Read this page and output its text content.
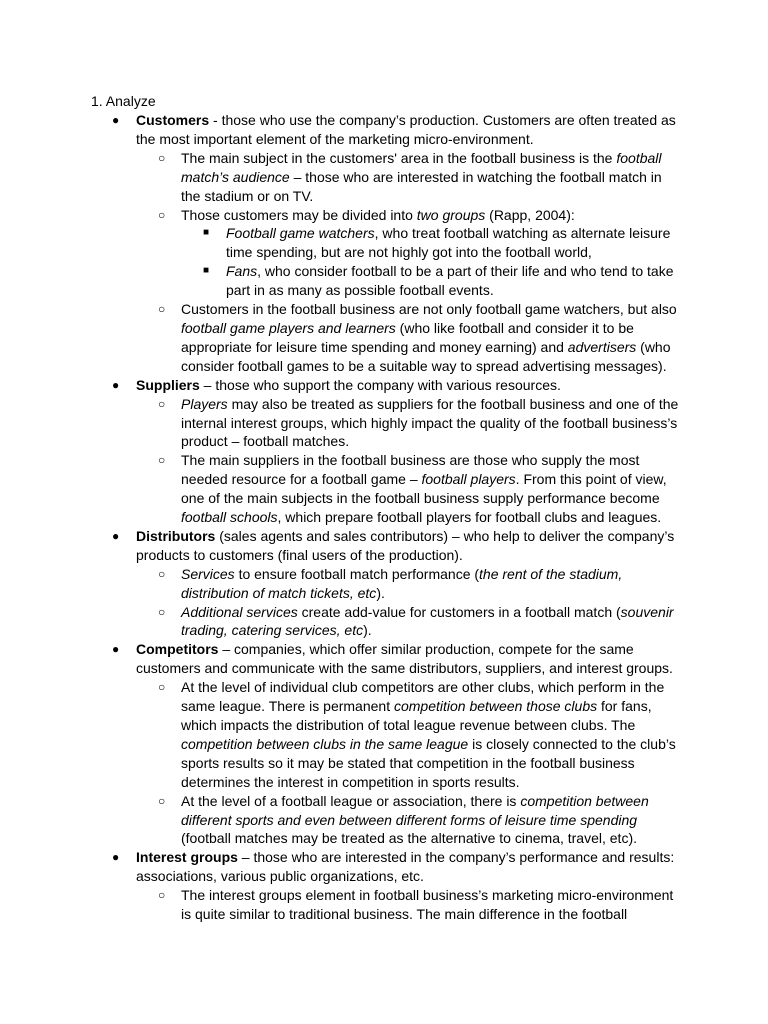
1. Analyze
● Customers - those who use the company’s production. Customers are often treated as the most important element of the marketing micro-environment.
○ The main subject in the customers' area in the football business is the football match’s audience – those who are interested in watching the football match in the stadium or on TV.
○ Those customers may be divided into two groups (Rapp, 2004):
■ Football game watchers, who treat football watching as alternate leisure time spending, but are not highly got into the football world,
■ Fans, who consider football to be a part of their life and who tend to take part in as many as possible football events.
○ Customers in the football business are not only football game watchers, but also football game players and learners (who like football and consider it to be appropriate for leisure time spending and money earning) and advertisers (who consider football games to be a suitable way to spread advertising messages).
● Suppliers – those who support the company with various resources.
○ Players may also be treated as suppliers for the football business and one of the internal interest groups, which highly impact the quality of the football business’s product – football matches.
○ The main suppliers in the football business are those who supply the most needed resource for a football game – football players. From this point of view, one of the main subjects in the football business supply performance become football schools, which prepare football players for football clubs and leagues.
● Distributors (sales agents and sales contributors) – who help to deliver the company’s products to customers (final users of the production).
○ Services to ensure football match performance (the rent of the stadium, distribution of match tickets, etc).
○ Additional services create add-value for customers in a football match (souvenir trading, catering services, etc).
● Competitors – companies, which offer similar production, compete for the same customers and communicate with the same distributors, suppliers, and interest groups.
○ At the level of individual club competitors are other clubs, which perform in the same league. There is permanent competition between those clubs for fans, which impacts the distribution of total league revenue between clubs. The competition between clubs in the same league is closely connected to the club’s sports results so it may be stated that competition in the football business determines the interest in competition in sports results.
○ At the level of a football league or association, there is competition between different sports and even between different forms of leisure time spending (football matches may be treated as the alternative to cinema, travel, etc).
● Interest groups – those who are interested in the company’s performance and results: associations, various public organizations, etc.
○ The interest groups element in football business’s marketing micro-environment is quite similar to traditional business. The main difference in the football
